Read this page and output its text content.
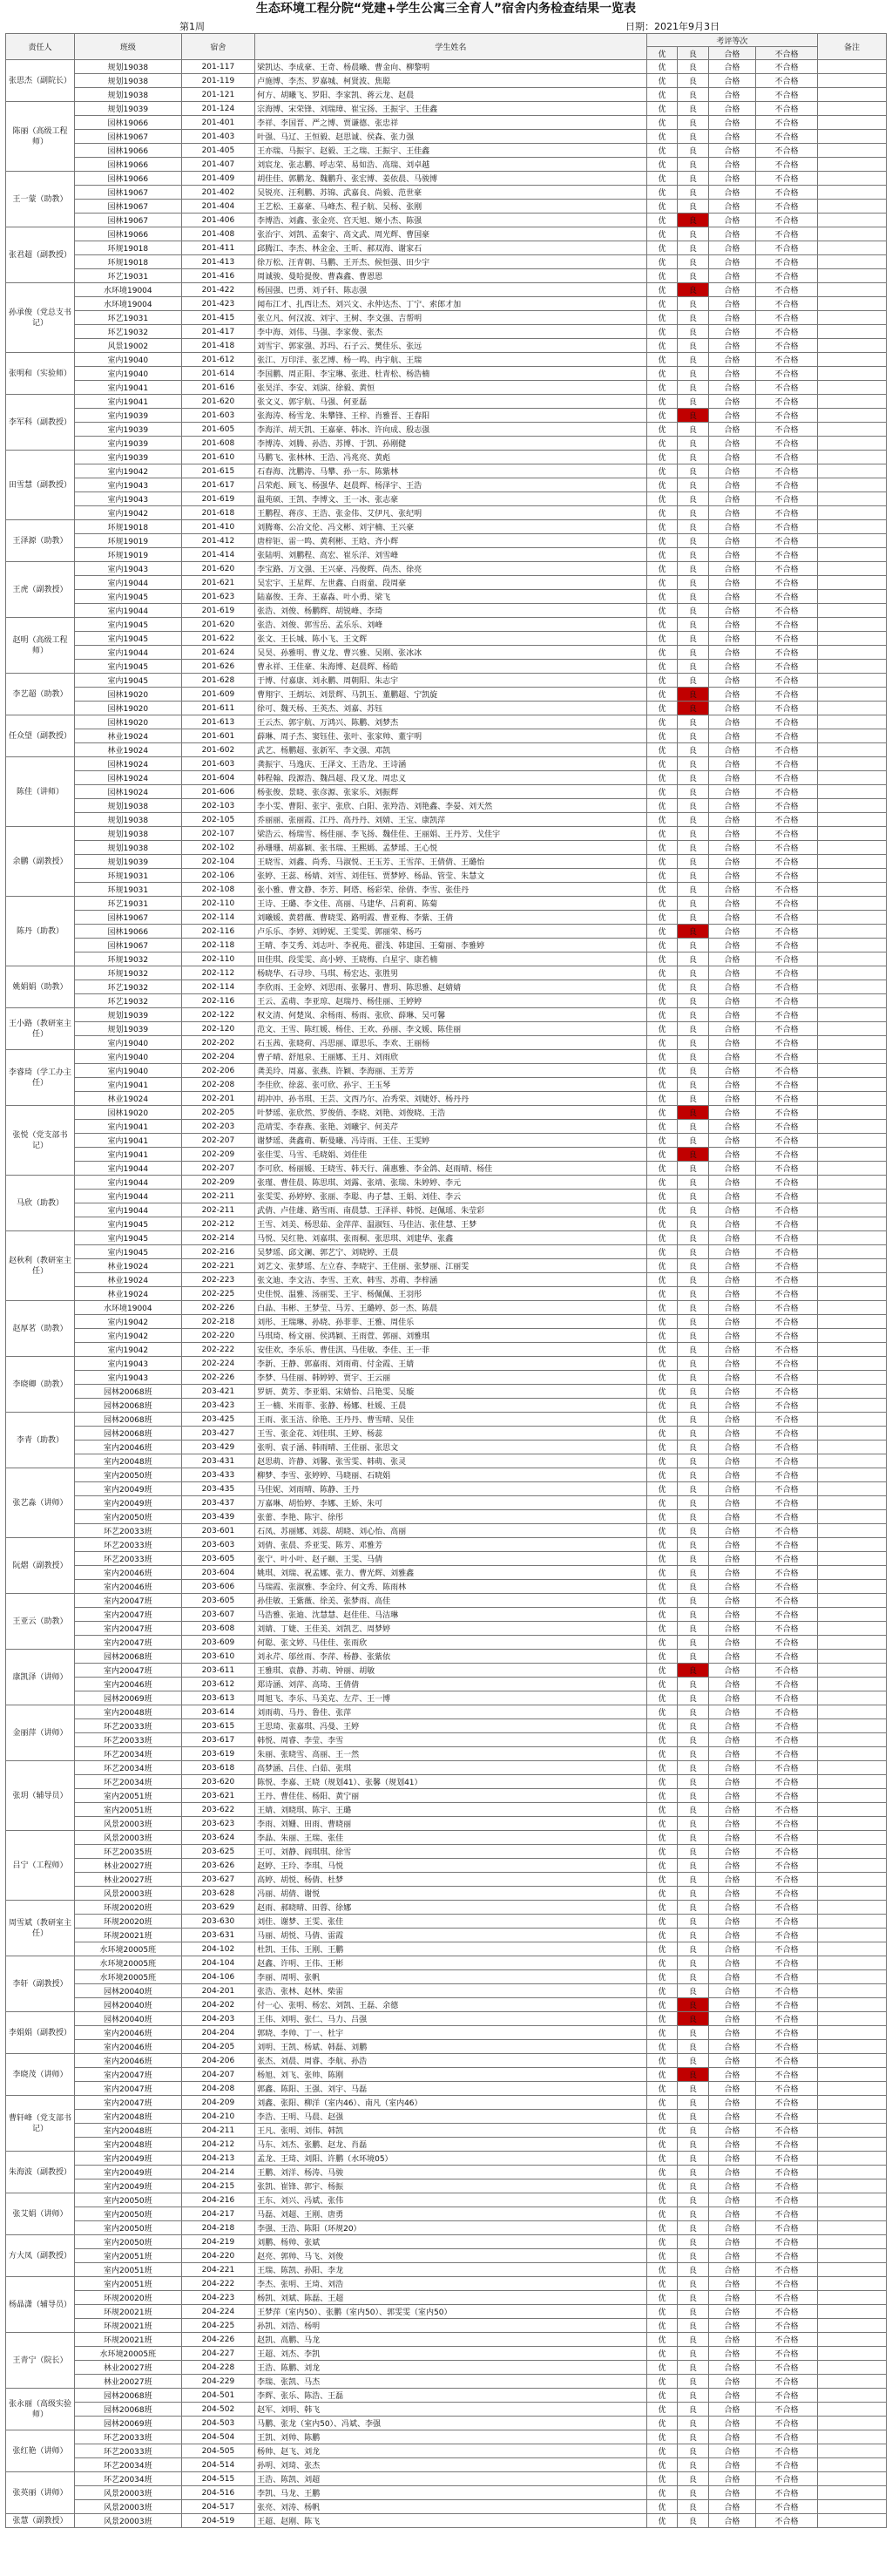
生态环境工程分院“党建+学生公寓三全育人”宿舍内务检查结果一览表
第1周	日期：2021年9月3日
责任人	班级	宿舍	学生姓名	考评等次				备注
				优	良	合格	不合格	
张思杰（副院长）	规划19038	201-117	梁凯达、李成豪、王奇、杨晨曦、曹金向、柳黎明	优	良	合格	不合格	
	规划19038	201-119	卢施博、李杰、罗嘉城、柯贤波、焦聪	优	良	合格	不合格	
	规划19038	201-121	何方、胡曦飞、罗阳、李家凯、蒋云龙、赵晨	优	良	合格	不合格	
陈丽（高级工程师）	规划19039	201-124	宗海博、宋荣锋、刘瑞璋、崔宝扬、王振宇、王佳鑫	优	良	合格	不合格	
	园林19066	201-401	李祥、李国晋、严之博、贾谦德、张忠祥	优	良	合格	不合格	
	园林19067	201-403	叶强、马辽、王恒毅、赵思诚、侯森、张力强	优	良	合格	不合格	
	园林19066	201-405	王亦瑞、马振宇、赵毅、王之瑞、王振宇、王佳鑫	优	良	合格	不合格	
	园林19066	201-407	刘宸龙、张志鹏、呼志荣、易如浩、高瑞、刘卓越	优	良	合格	不合格	
王一蒙（助教）	园林19066	201-409	胡佳佳、郭鹏龙、魏鹏升、张宏博、姜依晨、马骏博	优	良	合格	不合格	
	园林19067	201-402	吴锐亮、汪利鹏、苏锦、武嘉良、尚毅、范世豪	优	良	合格	不合格	
	园林19067	201-404	王艺松、王嘉豪、马峰杰、程子航、吴杨、张刚	优	良	合格	不合格	
	园林19067	201-406	李博浩、刘鑫、张金亮、宫天旭、姬小杰、陈强	优	良	合格	不合格	
张君超（副教授）	园林19066	201-408	张治宇、刘凯、孟秦宇、高文武、周光辉、曹国豪	优	良	合格	不合格	
	环规19018	201-411	邱腾江、李杰、林金金、王昕、郝双海、谢家石	优	良	合格	不合格	
	环规19018	201-413	徐万松、汪青朝、马鹏、王开杰、候恒强、田少宇	优	良	合格	不合格	
	环艺19031	201-416	周诚骏、曼哈提俊、曹森鑫、曹恩恩	优	良	合格	不合格	
孙承俊（党总支书记）	水环境19004	201-422	杨国强、巴勇、刘子轩、陈志强	优	良	合格	不合格	
	水环境19004	201-423	闻布江才、扎西让杰、刘兴文、永仲达杰、丁宁、索郎才加	优	良	合格	不合格	
	环艺19031	201-415	张立凡、何汉波、刘宇、王树、李文强、吉帮明	优	良	合格	不合格	
	环艺19032	201-417	李中海、刘伟、马强、李家俊、张杰	优	良	合格	不合格	
	风景19002	201-418	刘雪宇、郭家强、苏玛、石子云、樊佳乐、张远	优	良	合格	不合格	
张明和（实验师）	室内19040	201-612	张江、万印洋、张艺博、杨一鸣、冉宇航、王瑞	优	良	合格	不合格	
	室内19040	201-614	李国鹏、周正阳、李宝琳、张进、杜青松、杨浩楠	优	良	合格	不合格	
	室内19041	201-616	张昊洋、李安、刘演、徐毅、黄恒	优	良	合格	不合格	
李军科（副教授）	室内19041	201-620	张文义、郭宇航、马强、何亚磊	优	良	合格	不合格	
	室内19039	201-603	张海涛、杨雪龙、朱攀锋、王梓、肖雅晋、王春阳	优	良	合格	不合格	
	室内19039	201-605	李海洋、胡天凯、王嘉豪、韩冰、许向成、殷志强	优	良	合格	不合格	
	室内19039	201-608	李博涛、刘腾、孙浩、苏博、于凯、孙刚健	优	良	合格	不合格	
田雪慧（副教授）	室内19039	201-610	马鹏飞、张林林、王浩、冯兆亮、黄彪	优	良	合格	不合格	
	室内19042	201-615	石春海、沈鹏涛、马攀、孙一东、陈紫林	优	良	合格	不合格	
	室内19043	201-617	吕荣彪、顾飞、杨强华、赵晨辉、杨泽宇、王浩	优	良	合格	不合格	
	室内19043	201-619	温苑硕、王凯、李博文、王一冰、张志豪	优	良	合格	不合格	
	室内19042	201-618	王鹏程、蒋彦、王浩、张金伟、艾伊凡、张纪明	优	良	合格	不合格	
王泽源（助教）	环规19018	201-410	刘腾骞、公冶文伦、冯文彬、刘宇楠、王兴豪	优	良	合格	不合格	
	环规19019	201-412	唐梓钜、雷一鸣、黄利彬、王晗、齐小辉	优	良	合格	不合格	
	环规19019	201-414	张陆明、刘鹏程、高宏、崔乐洋、刘雪峰	优	良	合格	不合格	
王虎（副教授）	室内19043	201-620	李宝路、万文强、王兴豪、冯俊辉、尚杰、徐亮	优	良	合格	不合格	
	室内19044	201-621	吴宏宇、王星辉、左世鑫、白雨童、段周豪	优	良	合格	不合格	
	室内19045	201-623	陆嘉俊、王奔、王嘉淼、叶小勇、梁飞	优	良	合格	不合格	
	室内19044	201-619	张浩、刘俊、杨鹏辉、胡锐峰、李琦	优	良	合格	不合格	
赵明（高级工程师）	室内19045	201-620	张浩、刘俊、郭雪岳、孟乐乐、刘峰	优	良	合格	不合格	
	室内19045	201-622	张文、王长城、陈小飞、王文辉	优	良	合格	不合格	
	室内19044	201-624	吴昊、孙雅明、曹义龙、曹兴雅、吴刚、张冰冰	优	良	合格	不合格	
	室内19045	201-626	曹永祥、王佳豪、朱海博、赵晨辉、杨皓	优	良	合格	不合格	
李艺超（助教）	室内19045	201-628	于博、付嘉康、刘永鹏、周朝阳、朱志宇	优	良	合格	不合格	
	园林19020	201-609	曹翔宇、王炳坛、刘景辉、马凯玉、董鹏超、宁凯旋	优	良	合格	不合格	
	园林19020	201-611	徐可、魏天杨、王英杰、刘嘉、苏钰	优	良	合格	不合格	
任众望（副教授）	园林19020	201-613	王云杰、郭宇航、万鸿兴、陈鹏、刘梦杰	优	良	合格	不合格	
	林业19024	201-601	薛琳、周子杰、窦钰佳、张叶、张家帅、董宇明	优	良	合格	不合格	
	林业19024	201-602	武艺、杨鹏超、张新军、李文强、邓凯	优	良	合格	不合格	
陈佳（讲师）	园林19024	201-603	龚振宇、马逸庆、王泽文、王浩龙、王诗涵	优	良	合格	不合格	
	园林19024	201-604	韩程翰、段源浩、魏昌超、段又龙、周忠义	优	良	合格	不合格	
	园林19024	201-606	杨张俊、景晓、张彦源、张家乐、刘振辉	优	良	合格	不合格	
	规划19038	202-103	李小雯、曹阳、张宇、张欣、白阳、张羚浩、刘艳鑫、李晏、刘天然	优	良	合格	不合格	
	规划19038	202-105	乔丽丽、张丽霞、江丹、高丹丹、刘婧、王宝、康凯萍	优	良	合格	不合格	
余鹏（副教授）	规划19038	202-107	梁浩云、杨瑞雪、杨佳丽、李飞扬、魏佳佳、王丽娟、王丹芳、戈佳宇	优	良	合格	不合格	
	规划19038	202-102	孙珊珊、胡嘉颖、张书瑞、王熙嫣、孟梦瑶、王心悦	优	良	合格	不合格	
	规划19039	202-104	王晓雪、刘鑫、尚秀、马淑悦、王玉芳、王雪萍、王倩倩、王璐怡	优	良	合格	不合格	
	环规19031	202-106	张婷、王蕊、杨婧、刘雪、刘佳钰、贾梦婷、杨晶、管莹、朱慧文	优	良	合格	不合格	
	环规19031	202-108	张小雅、曹文静、李芳、阿塔、杨彩荣、徐倩、李雪、张佳丹	优	良	合格	不合格	
陈丹（助教）	环艺19031	202-110	王诗、王璐、李文佳、高丽、马建华、吕莉莉、陈菊	优	良	合格	不合格	
	园林19067	202-114	刘曦媛、黄碧薇、曹晓雯、路明霞、曹亚梅、李紫、王倩	优	良	合格	不合格	
	园林19066	202-116	卢乐乐、李婷、刘婷妮、王雯雯、郭丽荣、杨巧	优	良	合格	不合格	
	园林19067	202-118	王晴、李艾秀、刘志叶、李祝苑、翟浅、韩建国、王菊丽、李雅婷	优	良	合格	不合格	
	环规19032	202-110	田佳琪、段雯雯、高小婷、王晓梅、白星宇、康若楠	优	良	合格	不合格	
姚娟娟（助教）	环规19032	202-112	杨晓华、石寻珍、马琪、杨宏达、张胜男	优	良	合格	不合格	
	环艺19032	202-114	李欣雨、王金婷、刘思雨、张馨月、曹玥、陈思雅、赵婧婧	优	良	合格	不合格	
	环艺19032	202-116	王云、孟萌、李亚琼、赵瑞丹、杨佳丽、王婷婷	优	良	合格	不合格	
王小路（教研室主任）	规划19039	202-122	权文清、何楚岚、余杨雨、杨雨、张欣、薛琳、吴可馨	优	良	合格	不合格	
	规划19039	202-120	范文、王雪、陈红媛、杨佳、王欢、孙丽、李文媛、陈佳丽	优	良	合格	不合格	
	室内19040	202-202	石玉茜、张晓荷、冯思丽、谭思乐、李欢、王丽杨	优	良	合格	不合格	
李睿琦（学工办主任）	室内19040	202-204	曹子晴、舒旭泉、王丽娜、王月、刘雨欣	优	良	合格	不合格	
	室内19040	202-206	龚美玲、周嘉、张燕、许颖、李海丽、王芳芳	优	良	合格	不合格	
	室内19041	202-208	李佳欣、徐蕊、张可欣、孙宇、王玉琴	优	良	合格	不合格	
	林业19024	202-201	胡冲冲、孙书琪、王芸、文西乃尔、冶秀荣、刘婕妤、杨丹丹	优	良	合格	不合格	
张悦（党支部书记）	园林19020	202-205	叶梦瑶、张欣然、罗俊俏、李晓、刘艳、刘俊晓、王浩	优	良	合格	不合格	
	室内19041	202-203	范靖雯、李春燕、张艳、刘曦宇、何美芹	优	良	合格	不合格	
	室内19041	202-207	谢梦瑶、龚鑫萌、靳曼曦、冯诗雨、王佳、王雯婷	优	良	合格	不合格	
	室内19041	202-209	张佳雯、马雪、毛晓娟、刘佳佳	优	良	合格	不合格	
	室内19044	202-207	李可欣、杨丽媛、王晓雪、韩天行、蒲惠雅、李金鸽、赵雨晴、杨佳	优	良	合格	不合格	
马欣（助教）	室内19044	202-209	张瑾、曹佳晨、陈思琪、刘露、张靖、张瑞、朱婷婷、李元	优	良	合格	不合格	
	室内19044	202-211	张雯雯、孙婷婷、张丽、李聪、冉子慧、王娟、刘佳、李云	优	良	合格	不合格	
	室内19044	202-211	武倩、卢佳雄、路雪雨、南晨慧、王泽祥、韩悦、赵佩瑶、朱莹彩	优	良	合格	不合格	
	室内19045	202-212	王雪、刘美、杨思茹、金萍萍、温淑钰、马佳洁、张佳慧、王梦	优	良	合格	不合格	
赵秋利（教研室主任）	室内19045	202-214	马悦、吴红艳、刘嘉琪、张雨桐、张思琪、刘建华、张鑫	优	良	合格	不合格	
	室内19045	202-216	吴梦瑶、邱文澜、郭艺宁、刘晓婷、王晨	优	良	合格	不合格	
	林业19024	202-221	刘艺文、张梦瑶、左立春、李晓宇、王佳丽、张梦丽、江丽雯	优	良	合格	不合格	
	林业19024	202-223	张文迪、李文洁、李雪、王欢、韩雪、苏萌、李梓涵	优	良	合格	不合格	
	林业19024	202-225	史佳悦、温雅、汤丽雯、王宇、杨佩佩、王羽彤	优	良	合格	不合格	
赵厚茗（助教）	水环境19004	202-226	白晶、韦彬、王梦莹、马芳、王璐婷、彭一杰、陈晨	优	良	合格	不合格	
	室内19042	202-218	刘彤、王瑞琳、孙晓、孙菲菲、王雅、周佳乐	优	良	合格	不合格	
	室内19042	202-220	马琪琦、杨文丽、侯鸿颖、王雨萱、郭丽、刘雅琪	优	良	合格	不合格	
	室内19042	202-222	安佳欢、李乐乐、曹佳淇、马佳敏、李佳、王一菲	优	良	合格	不合格	
李晓卿（助教）	室内19043	202-224	李新、王静、郭嘉雨、刘雨萌、付金霞、王婧	优	良	合格	不合格	
	室内19043	202-226	李梦、马佳丽、韩婷婷、贾宇、王云丽	优	良	合格	不合格	
	园林20068班	203-421	罗妍、黄芳、李亚娟、宋婧怡、吕艳雯、吴璇	优	良	合格	不合格	
	园林20068班	203-423	王一楠、米雨菲、张静、杨娜、杜媛、王晨	优	良	合格	不合格	
李青（助教）	园林20068班	203-425	王雨、张玉洁、徐艳、王丹丹、曹雪晴、吴佳	优	良	合格	不合格	
	园林20068班	203-427	王雪、张金花、刘佳琪、王婷、杨蕊	优	良	合格	不合格	
	室内20046班	203-429	张明、袁子涵、韩雨晴、王佳丽、张思文	优	良	合格	不合格	
	室内20048班	203-431	赵思萌、许静、刘馨、张雪雯、韩萌、张灵	优	良	合格	不合格	
张艺淼（讲师）	室内20050班	203-433	柳梦、李雪、张婷婷、马晓丽、石晓娟	优	良	合格	不合格	
	室内20049班	203-435	马佳妮、刘雨晴、陈静、王丹	优	良	合格	不合格	
	室内20049班	203-437	万嘉琳、胡怡婷、李娜、王娇、朱可	优	良	合格	不合格	
	室内20050班	203-439	张蕾、李艳、陈宇、徐彤	优	良	合格	不合格	
	环艺20033班	203-601	石凤、苏丽娜、刘蕊、胡晓、刘心怡、高丽	优	良	合格	不合格	
阮熠（副教授）	环艺20033班	203-603	刘倩、张晨、乔亚雯、陈芳、邓雅芳	优	良	合格	不合格	
	环艺20033班	203-605	张宁、叶小叶、赵子颐、王雯、马倩	优	良	合格	不合格	
	室内20046班	203-604	姚琪、刘瑞、祝孟娜、张力、曹光辉、刘雅鑫	优	良	合格	不合格	
	室内20046班	203-606	马瑞霞、张淑雅、李金玲、何文秀、陈雨林	优	良	合格	不合格	
王亚云（助教）	室内20047班	203-605	孙佳敏、王紫薇、徐美、张梦雨、高佳	优	良	合格	不合格	
	室内20047班	203-607	马浩雅、张迪、沈慧慧、赵佳佳、马洁琳	优	良	合格	不合格	
	室内20047班	203-608	刘婧、丁婕、王佳美、刘凯艺、周梦婷	优	良	合格	不合格	
	室内20047班	203-609	何聪、张文婷、马佳佳、张雨欣	优	良	合格	不合格	
康凯泽（讲师）	园林20068班	203-610	刘永芹、邬丝雨、李萍、杨静、张紫依	优	良	合格	不合格	
	室内20047班	203-611	王雅琪、袁静、苏萌、钟丽、胡敏	优	良	合格	不合格	
	室内20046班	203-612	郑诗涵、刘萍、高琦、王倩倩	优	良	合格	不合格	
	园林20069班	203-613	周旭飞、李乐、马美克、左芹、王一博	优	良	合格	不合格	
金丽萍（讲师）	室内20048班	203-614	刘雨萌、马丹、鲁佳、张萍	优	良	合格	不合格	
	环艺20033班	203-615	王思琦、张嘉琪、冯曼、王婷	优	良	合格	不合格	
	环艺20033班	203-617	韩悦、周睿、李莹、李雪	优	良	合格	不合格	
	环艺20034班	203-619	朱丽、张晓雪、高丽、王一然	优	良	合格	不合格	
张玥（辅导员）	环艺20034班	203-618	高梦涵、吕佳、白茹、张琪	优	良	合格	不合格	
	环艺20034班	203-620	陈悦、李嘉、王晓（规划41）、张馨（规划41）	优	良	合格	不合格	
	室内20051班	203-621	王丹、曹佳佳、杨阳、黄宁丽	优	良	合格	不合格	
	室内20051班	203-622	王婧、刘晓琪、陈宇、王璐	优	良	合格	不合格	
	风景20003班	203-623	李雨、刘姗、田雨、曹晓丽	优	良	合格	不合格	
吕宁（工程师）	风景20003班	203-624	李晶、朱丽、王瑞、张佳	优	良	合格	不合格	
	环艺20035班	203-625	王可、刘静、阎琪琪、徐雪	优	良	合格	不合格	
	林业20027班	203-626	赵婷、王玲、李琪、马悦	优	良	合格	不合格	
	林业20027班	203-627	高婷、胡悦、杨倩、杜梦	优	良	合格	不合格	
	风景20003班	203-628	冯丽、胡倩、谢悦	优	良	合格	不合格	
周雪斌（教研室主任）	环规20020班	203-629	赵雨、郝晓晴、田蓉、徐娜	优	良	合格	不合格	
	环规20020班	203-630	刘佳、谢梦、王雯、张佳	优	良	合格	不合格	
	环规20021班	203-631	马丽、胡悦、马倩、雷霞	优	良	合格	不合格	
	水环境20005班	204-102	杜凯、王伟、王刚、王鹏	优	良	合格	不合格	
李轩（副教授）	水环境20005班	204-104	赵鑫、许明、王伟、王彬	优	良	合格	不合格	
	水环境20005班	204-106	李丽、周明、张帆	优	良	合格	不合格	
	园林20040班	204-201	张浩、张林、赵林、柴雷	优	良	合格	不合格	
	园林20040班	204-202	付一心、张明、杨宏、刘凯、王磊、余德	优	良	合格	不合格	
李娟娟（副教授）	园林20040班	204-203	王伟、刘明、张仁、马力、吕强	优	良	合格	不合格	
	室内20046班	204-204	郭晓、李帅、丁一、杜宇	优	良	合格	不合格	
	室内20046班	204-205	刘明、王凯、杨斌、韩磊、刘鹏	优	良	合格	不合格	
李晓茂（讲师）	室内20046班	204-206	张杰、刘晨、周睿、李航、孙浩	优	良	合格	不合格	
	室内20047班	204-207	杨旭、刘飞、张帅、陈刚	优	良	合格	不合格	
	室内20047班	204-208	郭鑫、陈阳、王强、刘宇、马磊	优	良	合格	不合格	
曹轩峰（党支部书记）	室内20047班	204-209	刘鑫、张阳、柳洋（室内46）、南凡（室内46）	优	良	合格	不合格	
	室内20048班	204-210	李浩、王明、马晨、赵强	优	良	合格	不合格	
	室内20048班	204-211	王凡、张明、刘伟、韩凯	优	良	合格	不合格	
	室内20048班	204-212	马东、刘杰、张鹏、赵龙、肖磊	优	良	合格	不合格	
朱海波（副教授）	室内20049班	204-213	孟龙、王琦、刘阳、许鹏（水环境05）	优	良	合格	不合格	
	室内20049班	204-214	王鹏、刘洋、杨涛、马骏	优	良	合格	不合格	
	室内20049班	204-215	张凯、崔锋、郭宇、杨振	优	良	合格	不合格	
张艾娟（讲师）	室内20050班	204-216	王东、刘兴、冯斌、张伟	优	良	合格	不合格	
	室内20050班	204-217	马磊、刘超、王刚、唐勇	优	良	合格	不合格	
	室内20050班	204-218	李强、王浩、陈阳（环规20）	优	良	合格	不合格	
方大凤（副教授）	室内20050班	204-219	刘鹏、杨帅、张斌	优	良	合格	不合格	
	室内20051班	204-220	赵亮、郭帅、马飞、刘俊	优	良	合格	不合格	
	室内20051班	204-221	王瑞、陈凯、孙阳、李龙	优	良	合格	不合格	
杨晶潇（辅导员）	室内20051班	204-222	李杰、张明、王琦、刘浩	优	良	合格	不合格	
	环规20020班	204-223	杨凯、刘斌、陈磊、王超	优	良	合格	不合格	
	环规20021班	204-224	王梦萍（室内50）、张鹏（室内50）、郭雯雯（室内50）	优	良	合格	不合格	
	环规20021班	204-225	孙凯、刘浩、杨明	优	良	合格	不合格	
王青宁（院长）	环规20021班	204-226	赵凯、高鹏、马龙	优	良	合格	不合格	
	水环境20005班	204-227	王超、刘杰、李凯	优	良	合格	不合格	
	林业20027班	204-228	王浩、陈鹏、刘龙	优	良	合格	不合格	
	林业20027班	204-229	李瑞、张凯、马杰	优	良	合格	不合格	
张永丽（高级实验师）	园林20068班	204-501	李辉、张乐、陈浩、王磊	优	良	合格	不合格	
	园林20068班	204-502	赵军、刘明、韩飞	优	良	合格	不合格	
	园林20069班	204-503	马鹏、张龙（室内50）、冯斌、李强	优	良	合格	不合格	
张红艳（讲师）	环艺20033班	204-504	王凯、刘帅、陈鹏	优	良	合格	不合格	
	环艺20033班	204-505	杨帅、赵飞、刘龙	优	良	合格	不合格	
	环艺20034班	204-514	孙明、刘琦、张杰	优	良	合格	不合格	
张英丽（讲师）	环艺20034班	204-515	王浩、陈凯、刘超	优	良	合格	不合格	
	风景20003班	204-516	李凯、马龙、王鹏	优	良	合格	不合格	
	风景20003班	204-517	张亮、刘涛、杨帆	优	良	合格	不合格	
张慧（副教授）	风景20003班	204-519	王超、赵刚、陈飞	优	良	合格	不合格	
